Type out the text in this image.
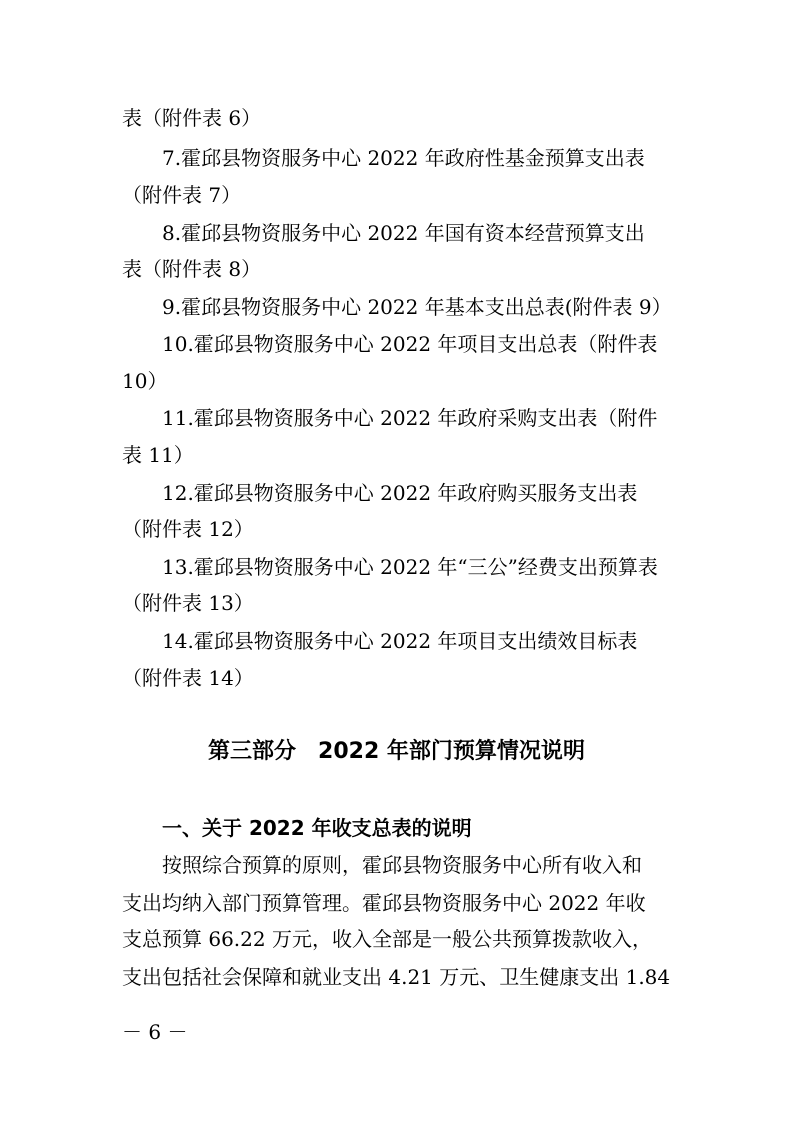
表（附件表 6）
7.霍邱县物资服务中心 2022 年政府性基金预算支出表
（附件表 7）
8.霍邱县物资服务中心 2022 年国有资本经营预算支出
表（附件表 8）
9.霍邱县物资服务中心 2022 年基本支出总表(附件表 9）
10.霍邱县物资服务中心 2022 年项目支出总表（附件表
10）
11.霍邱县物资服务中心 2022 年政府采购支出表（附件
表 11）
12.霍邱县物资服务中心 2022 年政府购买服务支出表
（附件表 12）
13.霍邱县物资服务中心 2022 年“三公”经费支出预算表
（附件表 13）
14.霍邱县物资服务中心 2022 年项目支出绩效目标表
（附件表 14）
第三部分　2022 年部门预算情况说明
一、关于 2022 年收支总表的说明
按照综合预算的原则，霍邱县物资服务中心所有收入和
支出均纳入部门预算管理。霍邱县物资服务中心 2022 年收
支总预算 66.22 万元，收入全部是一般公共预算拨款收入，
支出包括社会保障和就业支出 4.21 万元、卫生健康支出 1.84
－ 6 －
